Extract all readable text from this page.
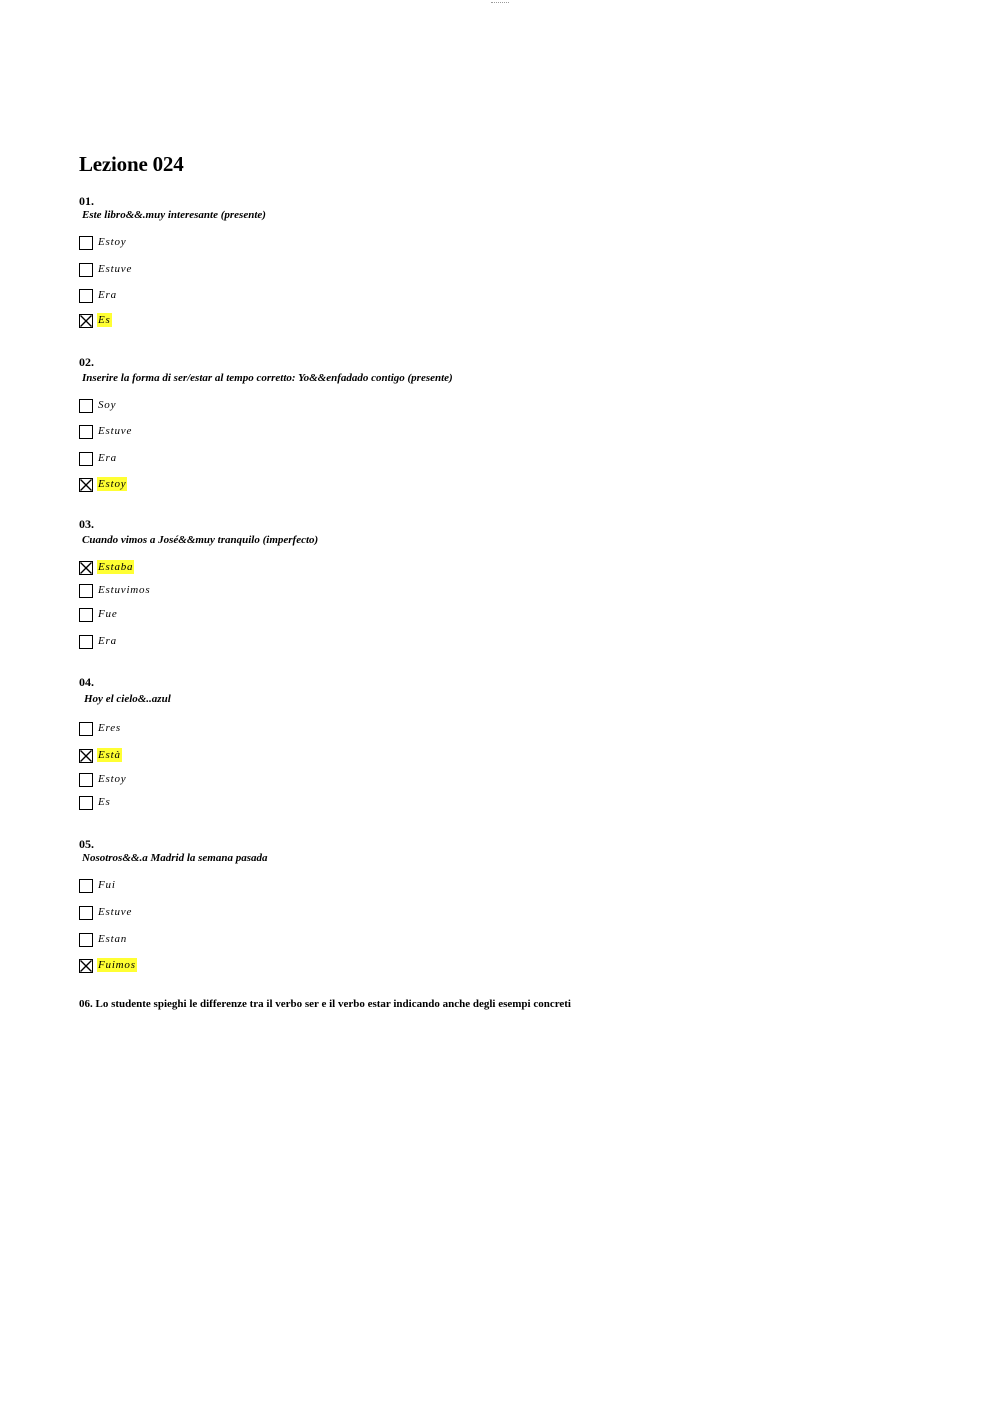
Lezione 024

01.

Este libro&&.muy interesante (presente)

Estoy
Estuve
Era
Es

02.

Inserire la forma di ser/estar al tempo corretto: Yo&&enfadado contigo (presente)

Soy
Estuve
Era
Estoy

03.

Cuando vimos a José&&muy tranquilo (imperfecto)

Estaba
Estuvimos
Fue
Era

04.

Hoy el cielo&..azul

Eres
Està
Estoy
Es

05.

Nosotros&&.a Madrid la semana pasada

Fui
Estuve
Estan
Fuimos

06. Lo studente spieghi le differenze tra il verbo ser e il verbo estar indicando anche degli esempi concreti
